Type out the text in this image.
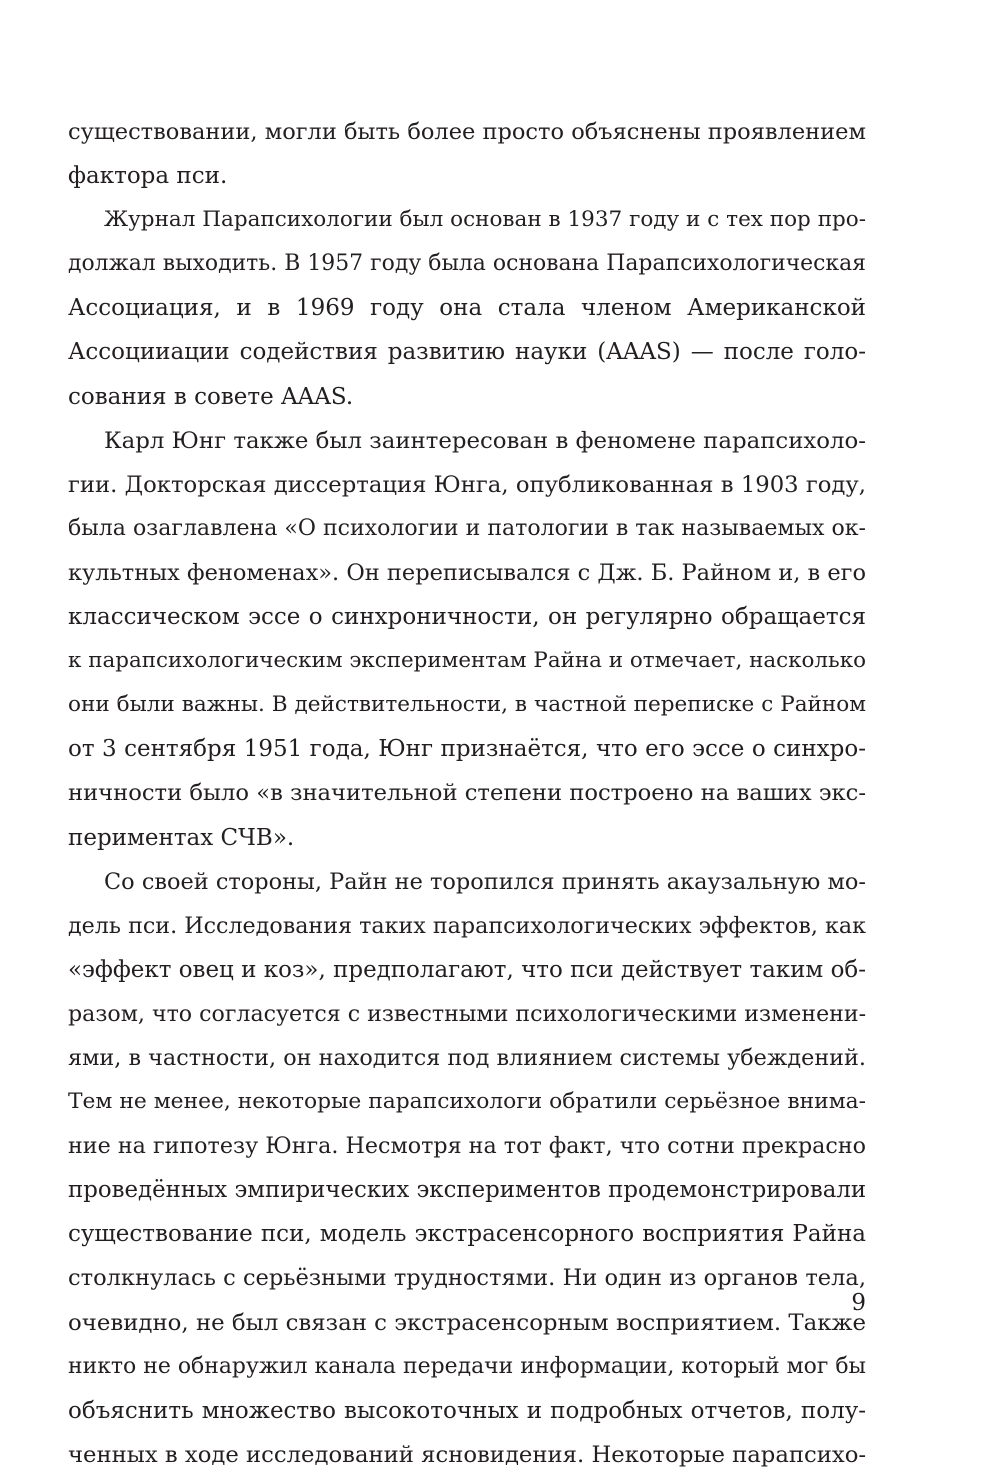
существовании, могли быть более просто объяснены проявлением
фактора пси.
Журнал Парапсихологии был основан в 1937 году и с тех пор про-
должал выходить. В 1957 году была основана Парапсихологическая
Ассоциация, и в 1969 году она стала членом Американской
Ассоцииации содействия развитию науки (AAAS) — после голо-
сования в совете AAAS.
Карл Юнг также был заинтересован в феномене парапсихоло-
гии. Докторская диссертация Юнга, опубликованная в 1903 году,
была озаглавлена «О психологии и патологии в так называемых ок-
культных феноменах». Он переписывался с Дж. Б. Райном и, в его
классическом эссе о синхроничности, он регулярно обращается
к парапсихологическим экспериментам Райна и отмечает, насколько
они были важны. В действительности, в частной переписке с Райном
от 3 сентября 1951 года, Юнг признаётся, что его эссе о синхро-
ничности было «в значительной степени построено на ваших экс-
периментах СЧВ».
Со своей стороны, Райн не торопился принять акаузальную мо-
дель пси. Исследования таких парапсихологических эффектов, как
«эффект овец и коз», предполагают, что пси действует таким об-
разом, что согласуется с известными психологическими изменени-
ями, в частности, он находится под влиянием системы убеждений.
Тем не менее, некоторые парапсихологи обратили серьёзное внима-
ние на гипотезу Юнга. Несмотря на тот факт, что сотни прекрасно
проведённых эмпирических экспериментов продемонстрировали
существование пси, модель экстрасенсорного восприятия Райна
столкнулась с серьёзными трудностями. Ни один из органов тела,
очевидно, не был связан с экстрасенсорным восприятием. Также
никто не обнаружил канала передачи информации, который мог бы
объяснить множество высокоточных и подробных отчетов, полу-
ченных в ходе исследований ясновидения. Некоторые парапсихо-
9
